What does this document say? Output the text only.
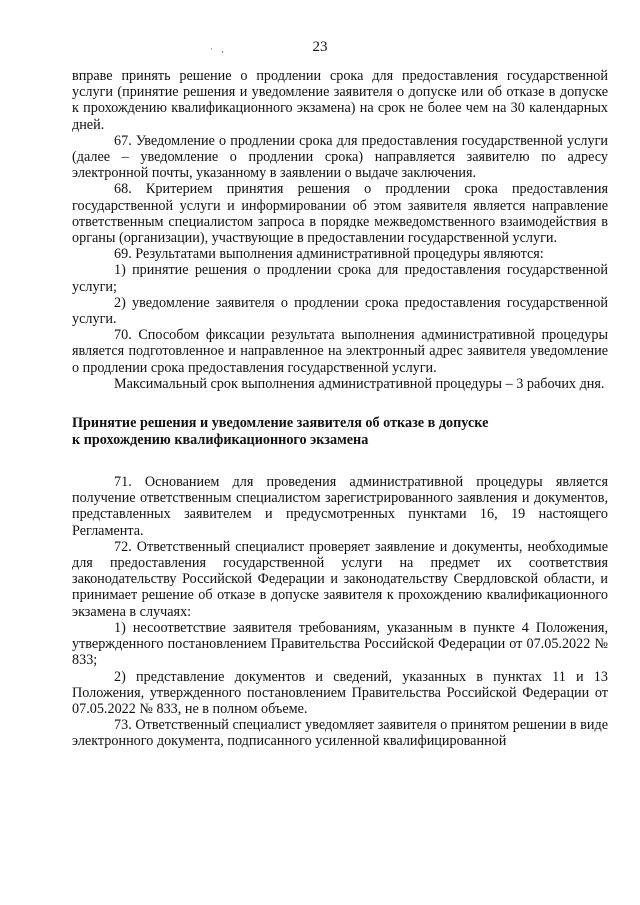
23
· ,

вправе принять решение о продлении срока для предоставления государственной услуги (принятие решения и уведомление заявителя о допуске или об отказе в допуске к прохождению квалификационного экзамена) на срок не более чем на 30 календарных дней.

67. Уведомление о продлении срока для предоставления государственной услуги (далее – уведомление о продлении срока) направляется заявителю по адресу электронной почты, указанному в заявлении о выдаче заключения.

68. Критерием принятия решения о продлении срока предоставления государственной услуги и информировании об этом заявителя является направление ответственным специалистом запроса в порядке межведомственного взаимодействия в органы (организации), участвующие в предоставлении государственной услуги.

69. Результатами выполнения административной процедуры являются:

1) принятие решения о продлении срока для предоставления государственной услуги;

2) уведомление заявителя о продлении срока предоставления государственной услуги.

70. Способом фиксации результата выполнения административной процедуры является подготовленное и направленное на электронный адрес заявителя уведомление о продлении срока предоставления государственной услуги.

Максимальный срок выполнения административной процедуры – 3 рабочих дня.

Принятие решения и уведомление заявителя об отказе в допуске

к прохождению квалификационного экзамена

71. Основанием для проведения административной процедуры является получение ответственным специалистом зарегистрированного заявления и документов, представленных заявителем и предусмотренных пунктами 16, 19 настоящего Регламента.

72. Ответственный специалист проверяет заявление и документы, необходимые для предоставления государственной услуги на предмет их соответствия законодательству Российской Федерации и законодательству Свердловской области, и принимает решение об отказе в допуске заявителя к прохождению квалификационного экзамена в случаях:

1) несоответствие заявителя требованиям, указанным в пункте 4 Положения, утвержденного постановлением Правительства Российской Федерации от 07.05.2022 № 833;

2) представление документов и сведений, указанных в пунктах 11 и 13 Положения, утвержденного постановлением Правительства Российской Федерации от 07.05.2022 № 833, не в полном объеме.

73. Ответственный специалист уведомляет заявителя о принятом решении в виде электронного документа, подписанного усиленной квалифицированной
